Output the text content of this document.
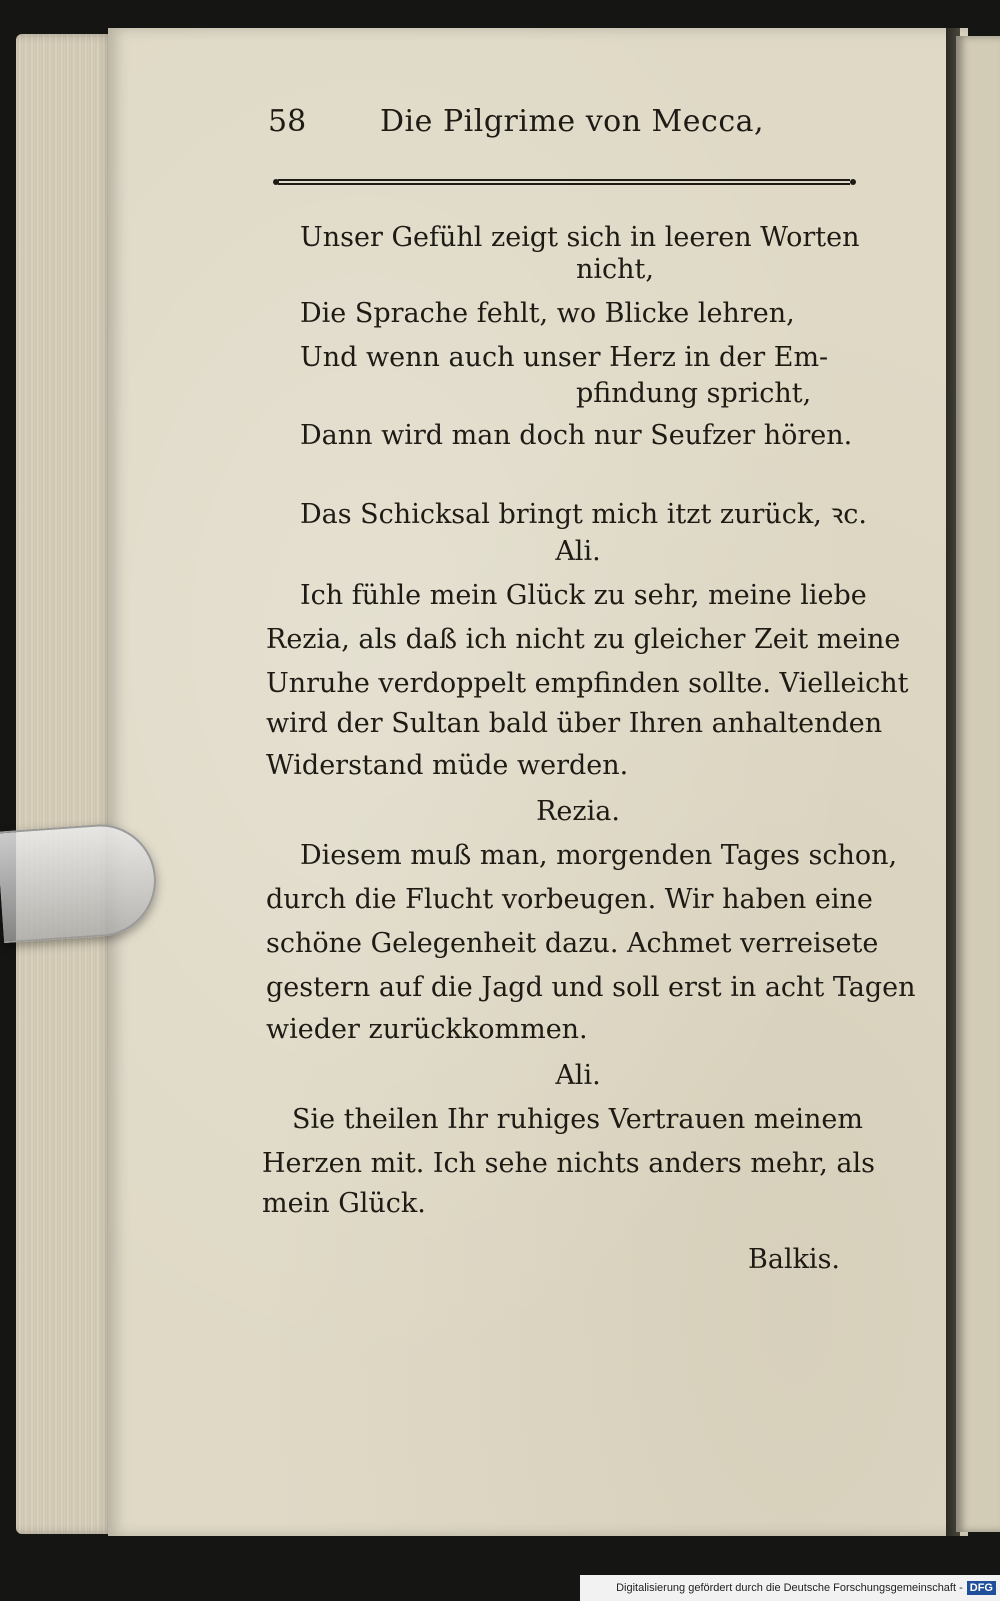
58 Die Pilgrime von Mecca,
Unser Gefühl zeigt sich in leeren Worten
nicht,
Die Sprache fehlt, wo Blicke lehren,
Und wenn auch unser Herz in der Em-
pfindung spricht,
Dann wird man doch nur Seufzer hören.
Das Schicksal bringt mich itzt zurück, ꝛc.
Ali.
Ich fühle mein Glück zu sehr, meine liebe
Rezia, als daß ich nicht zu gleicher Zeit meine
Unruhe verdoppelt empfinden sollte. Vielleicht
wird der Sultan bald über Ihren anhaltenden
Widerstand müde werden.
Rezia.
Diesem muß man, morgenden Tages schon,
durch die Flucht vorbeugen. Wir haben eine
schöne Gelegenheit dazu. Achmet verreisete
gestern auf die Jagd und soll erst in acht Tagen
wieder zurückkommen.
Ali.
Sie theilen Ihr ruhiges Vertrauen meinem
Herzen mit. Ich sehe nichts anders mehr, als
mein Glück.
Balkis.
Digitalisierung gefördert durch die Deutsche Forschungsgemeinschaft - DFG
